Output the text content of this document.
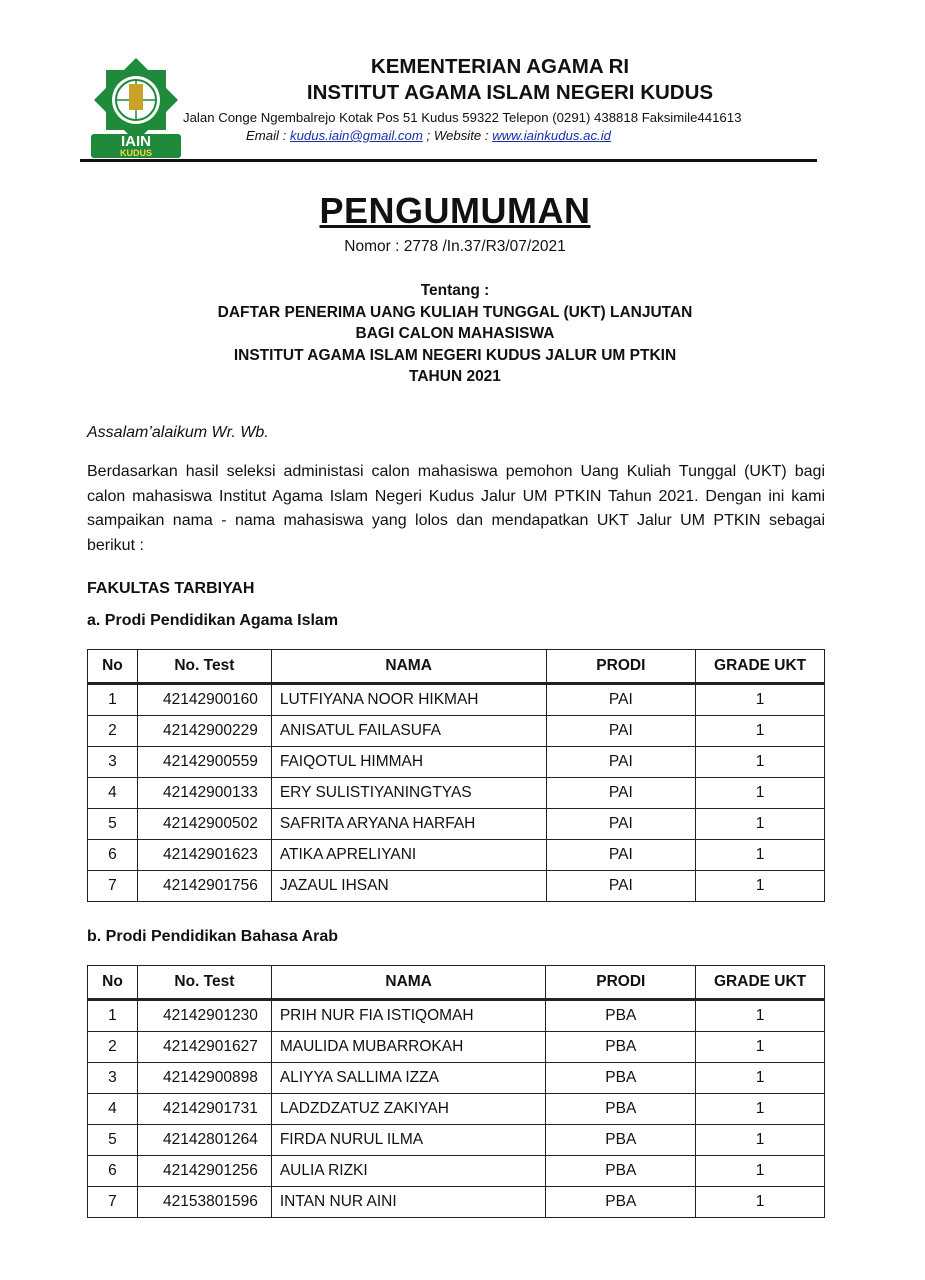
IAIN
KUDUS
KEMENTERIAN AGAMA RI
INSTITUT AGAMA ISLAM NEGERI KUDUS
Jalan Conge Ngembalrejo Kotak Pos 51 Kudus 59322 Telepon (0291) 438818 Faksimile441613
Email : kudus.iain@gmail.com ; Website : www.iainkudus.ac.id
PENGUMUMAN
Nomor : 2778 /In.37/R3/07/2021
Tentang :
DAFTAR PENERIMA UANG KULIAH TUNGGAL (UKT) LANJUTAN
BAGI CALON MAHASISWA
INSTITUT AGAMA ISLAM NEGERI KUDUS JALUR UM PTKIN
TAHUN 2021
Assalam’alaikum Wr. Wb.
Berdasarkan hasil seleksi administasi calon mahasiswa pemohon Uang Kuliah Tunggal (UKT) bagi calon mahasiswa Institut Agama Islam Negeri Kudus Jalur UM PTKIN Tahun 2021. Dengan ini kami sampaikan nama - nama mahasiswa yang lolos dan mendapatkan UKT Jalur UM PTKIN sebagai berikut :
FAKULTAS TARBIYAH
a. Prodi Pendidikan Agama Islam
No	No. Test	NAMA	PRODI	GRADE UKT
1	42142900160	LUTFIYANA NOOR HIKMAH	PAI	1
2	42142900229	ANISATUL FAILASUFA	PAI	1
3	42142900559	FAIQOTUL HIMMAH	PAI	1
4	42142900133	ERY SULISTIYANINGTYAS	PAI	1
5	42142900502	SAFRITA ARYANA HARFAH	PAI	1
6	42142901623	ATIKA APRELIYANI	PAI	1
7	42142901756	JAZAUL IHSAN	PAI	1
b. Prodi Pendidikan Bahasa Arab
No	No. Test	NAMA	PRODI	GRADE UKT
1	42142901230	PRIH NUR FIA ISTIQOMAH	PBA	1
2	42142901627	MAULIDA MUBARROKAH	PBA	1
3	42142900898	ALIYYA SALLIMA IZZA	PBA	1
4	42142901731	LADZDZATUZ ZAKIYAH	PBA	1
5	42142801264	FIRDA NURUL ILMA	PBA	1
6	42142901256	AULIA RIZKI	PBA	1
7	42153801596	INTAN NUR AINI	PBA	1
